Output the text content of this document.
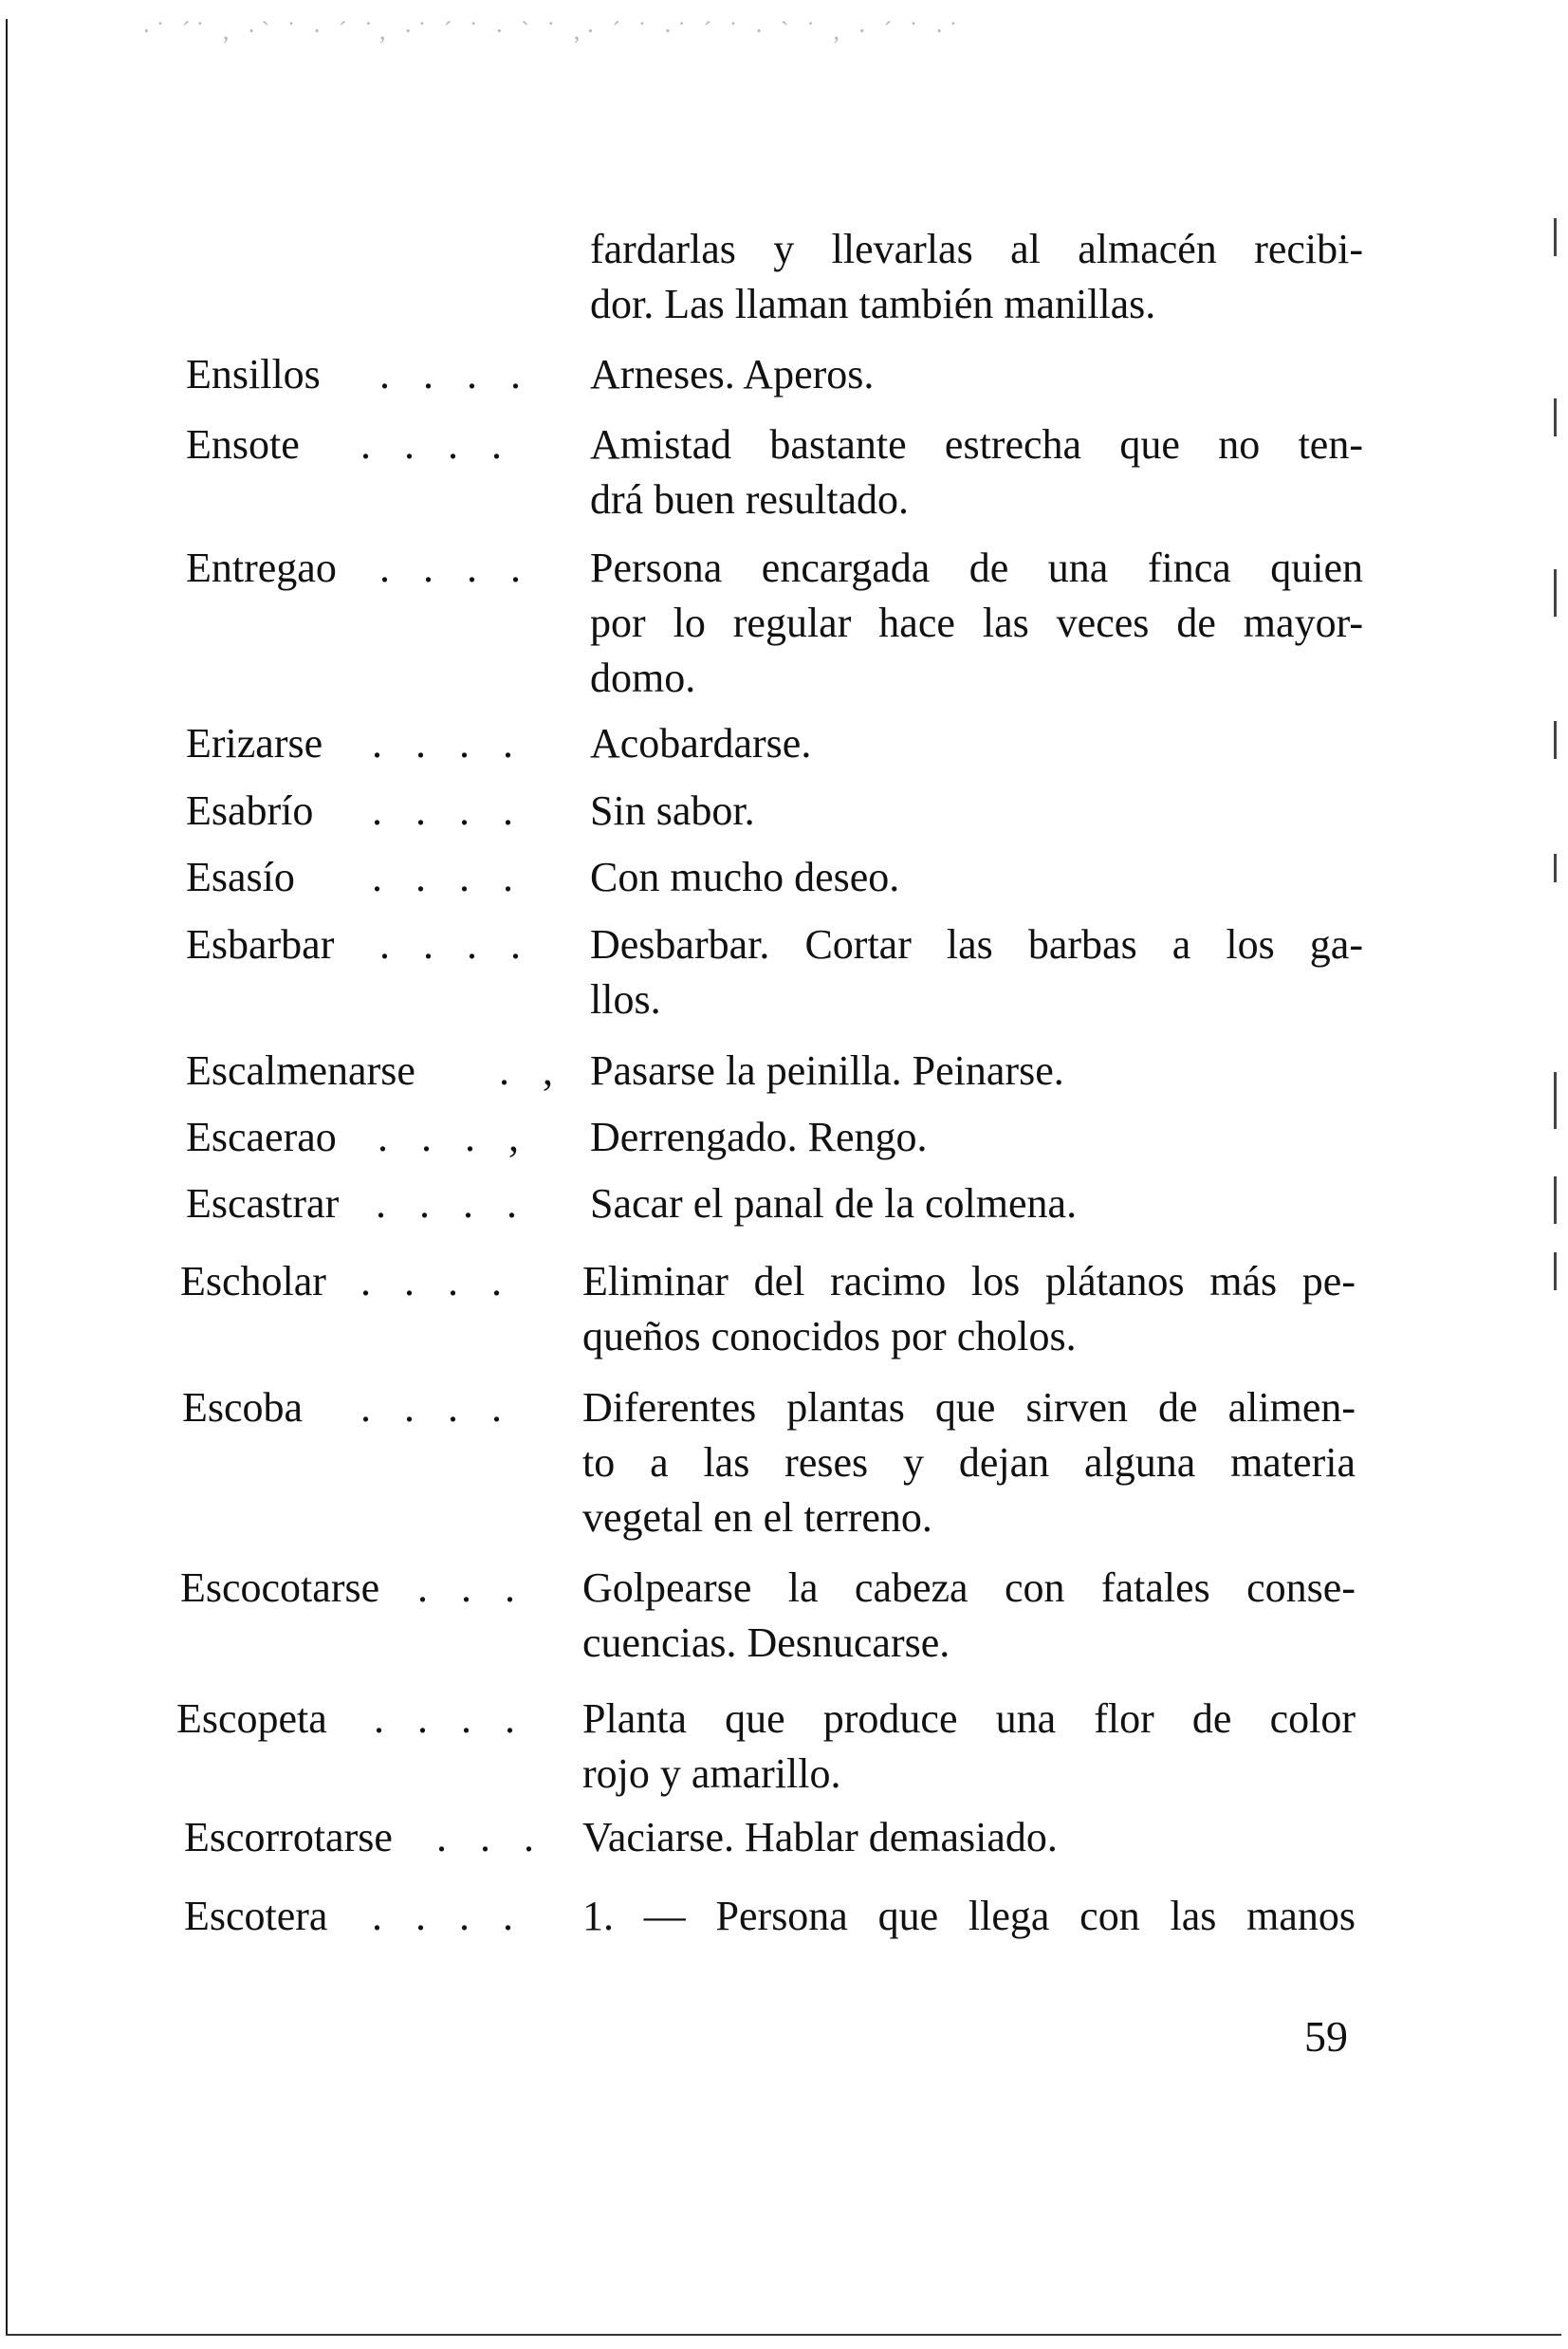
·˙ ˊ˙ ‚ ·ˋ ˙ · ˊ ˙‚ ·˙ ˊ ˙ · ˋ ˙ ‚· ˊ ˙ ·˙ ˊ ˙ · ˋ ˙ ‚ · ˊ ˙ ·˙
fardarlas y llevarlas al almacén recibi-
dor. Las llaman también manillas.
Ensillos . . . . Arneses. Aperos.
Ensote . . . . Amistad bastante estrecha que no ten-
drá buen resultado.
Entregao . . . . Persona encargada de una finca quien
por lo regular hace las veces de mayor-
domo.
Erizarse . . . . Acobardarse.
Esabrío . . . . Sin sabor.
Esasío . . . . Con mucho deseo.
Esbarbar . . . . Desbarbar. Cortar las barbas a los ga-
llos.
Escalmenarse . , Pasarse la peinilla. Peinarse.
Escaerao . . . , Derrengado. Rengo.
Escastrar . . . . Sacar el panal de la colmena.
Escholar . . . . Eliminar del racimo los plátanos más pe-
queños conocidos por cholos.
Escoba . . . . Diferentes plantas que sirven de alimen-
to a las reses y dejan alguna materia
vegetal en el terreno.
Escocotarse . . . Golpearse la cabeza con fatales conse-
cuencias. Desnucarse.
Escopeta . . . . Planta que produce una flor de color
rojo y amarillo.
Escorrotarse . . . Vaciarse. Hablar demasiado.
Escotera . . . . 1. — Persona que llega con las manos
59
